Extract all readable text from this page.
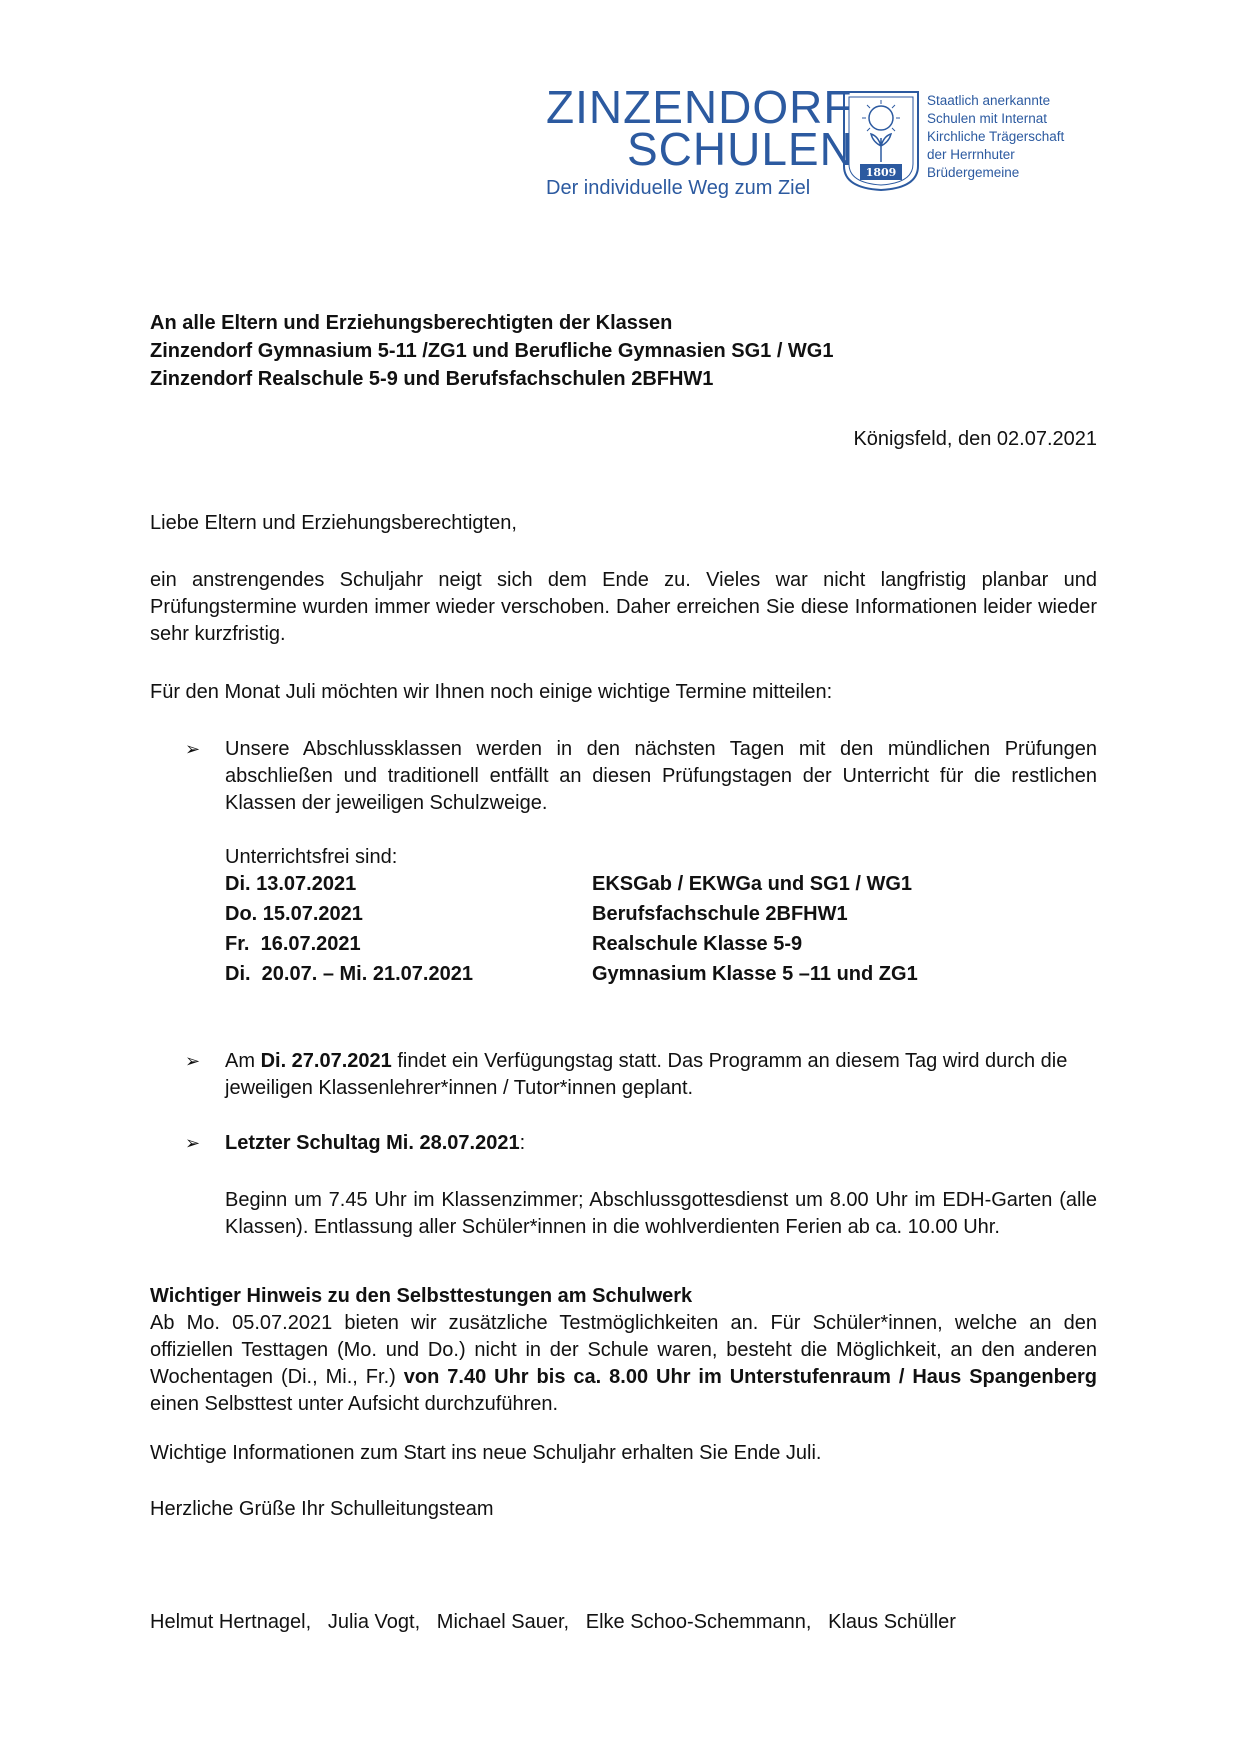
ZINZENDORF
SCHULEN
Der individuelle Weg zum Ziel
1809
Staatlich anerkannte
Schulen mit Internat
Kirchliche Trägerschaft
der Herrnhuter
Brüdergemeine
An alle Eltern und Erziehungsberechtigten der Klassen
Zinzendorf Gymnasium 5-11 /ZG1 und Berufliche Gymnasien SG1 / WG1
Zinzendorf Realschule 5-9 und Berufsfachschulen 2BFHW1
Königsfeld, den 02.07.2021
Liebe Eltern und Erziehungsberechtigten,
ein anstrengendes Schuljahr neigt sich dem Ende zu. Vieles war nicht langfristig planbar und Prüfungstermine wurden immer wieder verschoben. Daher erreichen Sie diese Informationen leider wieder sehr kurzfristig.
Für den Monat Juli möchten wir Ihnen noch einige wichtige Termine mitteilen:
➢ Unsere Abschlussklassen werden in den nächsten Tagen mit den mündlichen Prüfungen abschließen und traditionell entfällt an diesen Prüfungstagen der Unterricht für die restlichen Klassen der jeweiligen Schulzweige.
Unterrichtsfrei sind:
Di. 13.07.2021	EKSGab / EKWGa und SG1 / WG1
Do. 15.07.2021	Berufsfachschule 2BFHW1
Fr.  16.07.2021	Realschule Klasse 5-9
Di.  20.07. – Mi. 21.07.2021	Gymnasium Klasse 5 –11 und ZG1
➢ Am Di. 27.07.2021 findet ein Verfügungstag statt. Das Programm an diesem Tag wird durch die jeweiligen Klassenlehrer*innen / Tutor*innen geplant.
➢ Letzter Schultag Mi. 28.07.2021:
Beginn um 7.45 Uhr im Klassenzimmer; Abschlussgottesdienst um 8.00 Uhr im EDH-Garten (alle Klassen). Entlassung aller Schüler*innen in die wohlverdienten Ferien ab ca. 10.00 Uhr.
Wichtiger Hinweis zu den Selbsttestungen am Schulwerk
Ab Mo. 05.07.2021 bieten wir zusätzliche Testmöglichkeiten an. Für Schüler*innen, welche an den offiziellen Testtagen (Mo. und Do.) nicht in der Schule waren, besteht die Möglichkeit, an den anderen Wochentagen (Di., Mi., Fr.) von 7.40 Uhr bis ca. 8.00 Uhr im Unterstufenraum / Haus Spangenberg einen Selbsttest unter Aufsicht durchzuführen.
Wichtige Informationen zum Start ins neue Schuljahr erhalten Sie Ende Juli.
Herzliche Grüße Ihr Schulleitungsteam
Helmut Hertnagel,   Julia Vogt,   Michael Sauer,   Elke Schoo-Schemmann,   Klaus Schüller
